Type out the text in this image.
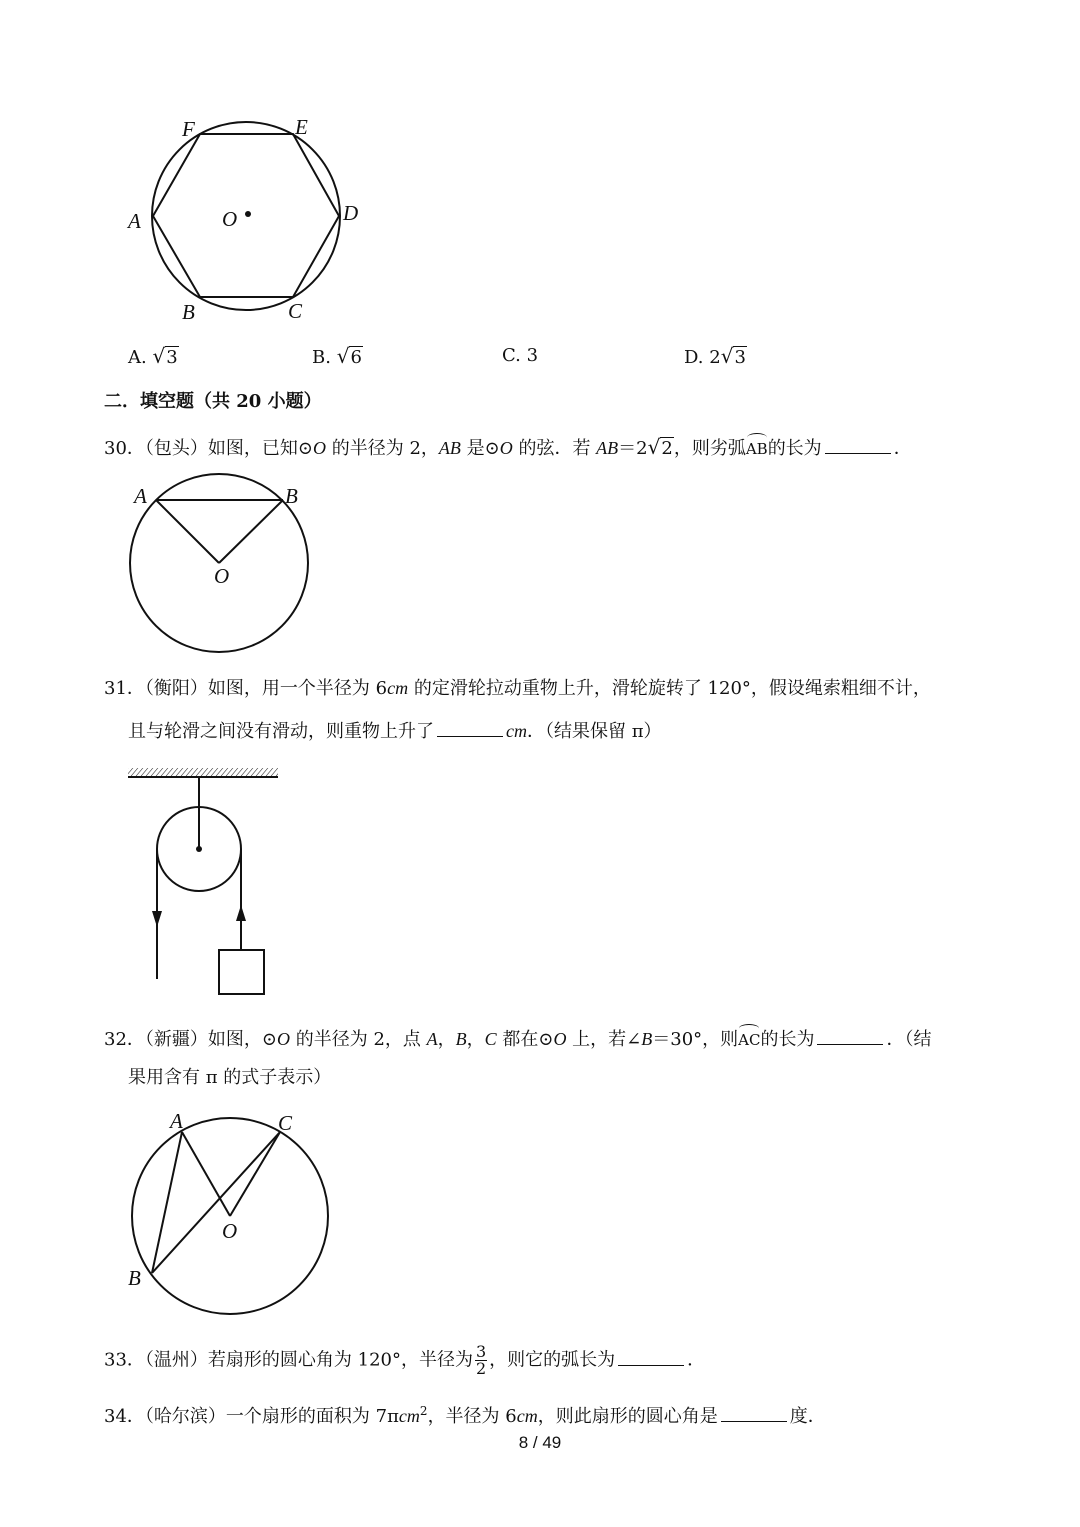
A
B	C
D
E
F
O
A. √3	B. √6	C. 3	D. 2√3
二．填空题（共 20 小题）
30．（包头）如图，已知⊙O 的半径为 2，AB 是⊙O 的弦．若 AB＝2√2，则劣弧AB的长为	．
A	B
O
31．（衡阳）如图，用一个半径为 6cm 的定滑轮拉动重物上升，滑轮旋转了 120°，假设绳索粗细不计，
且与轮滑之间没有滑动，则重物上升了	cm．（结果保留 π）
32．（新疆）如图，⊙O 的半径为 2，点 A，B，C 都在⊙O 上，若∠B＝30°，则AC的长为	．（结
果用含有 π 的式子表示）
A	C
B
O
33．（温州）若扇形的圆心角为 120°，半径为 $\frac{3}{2}$ ，则它的弧长为	．
34．（哈尔滨）一个扇形的面积为 7πcm$^2$，半径为 6cm，则此扇形的圆心角是	度．
8 / 49
